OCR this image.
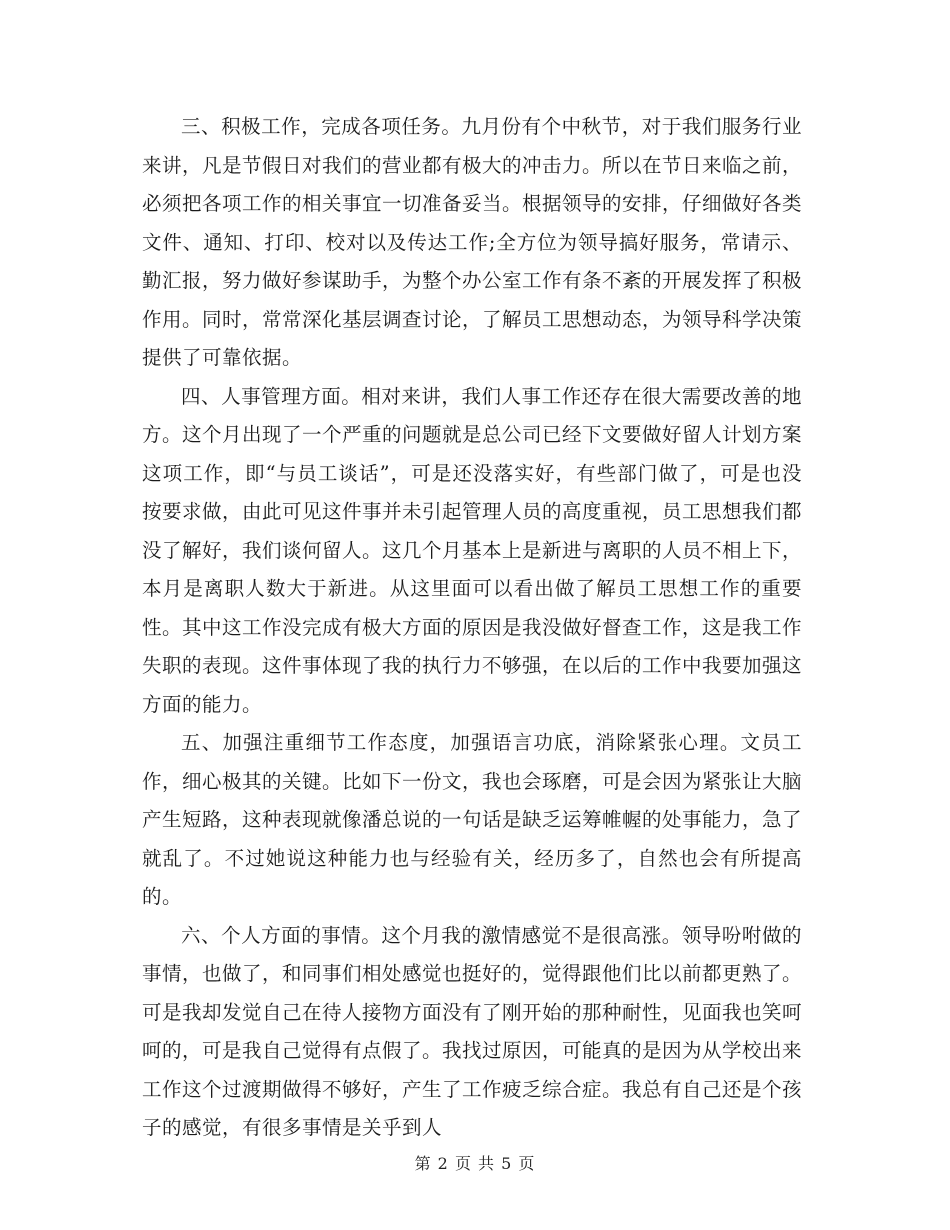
三、积极工作，完成各项任务。九月份有个中秋节，对于我们服务行业来讲，凡是节假日对我们的营业都有极大的冲击力。所以在节日来临之前，必须把各项工作的相关事宜一切准备妥当。根据领导的安排，仔细做好各类文件、通知、打印、校对以及传达工作;全方位为领导搞好服务，常请示、勤汇报，努力做好参谋助手，为整个办公室工作有条不紊的开展发挥了积极作用。同时，常常深化基层调查讨论，了解员工思想动态，为领导科学决策提供了可靠依据。

四、人事管理方面。相对来讲，我们人事工作还存在很大需要改善的地方。这个月出现了一个严重的问题就是总公司已经下文要做好留人计划方案这项工作，即“与员工谈话”，可是还没落实好，有些部门做了，可是也没按要求做，由此可见这件事并未引起管理人员的高度重视，员工思想我们都没了解好，我们谈何留人。这几个月基本上是新进与离职的人员不相上下，本月是离职人数大于新进。从这里面可以看出做了解员工思想工作的重要性。其中这工作没完成有极大方面的原因是我没做好督查工作，这是我工作失职的表现。这件事体现了我的执行力不够强，在以后的工作中我要加强这方面的能力。

五、加强注重细节工作态度，加强语言功底，消除紧张心理。文员工作，细心极其的关键。比如下一份文，我也会琢磨，可是会因为紧张让大脑产生短路，这种表现就像潘总说的一句话是缺乏运筹帷幄的处事能力，急了就乱了。不过她说这种能力也与经验有关，经历多了，自然也会有所提高的。

六、个人方面的事情。这个月我的激情感觉不是很高涨。领导吩咐做的事情，也做了，和同事们相处感觉也挺好的，觉得跟他们比以前都更熟了。可是我却发觉自己在待人接物方面没有了刚开始的那种耐性，见面我也笑呵呵的，可是我自己觉得有点假了。我找过原因，可能真的是因为从学校出来工作这个过渡期做得不够好，产生了工作疲乏综合症。我总有自己还是个孩子的感觉，有很多事情是关乎到人

第 2 页 共 5 页
